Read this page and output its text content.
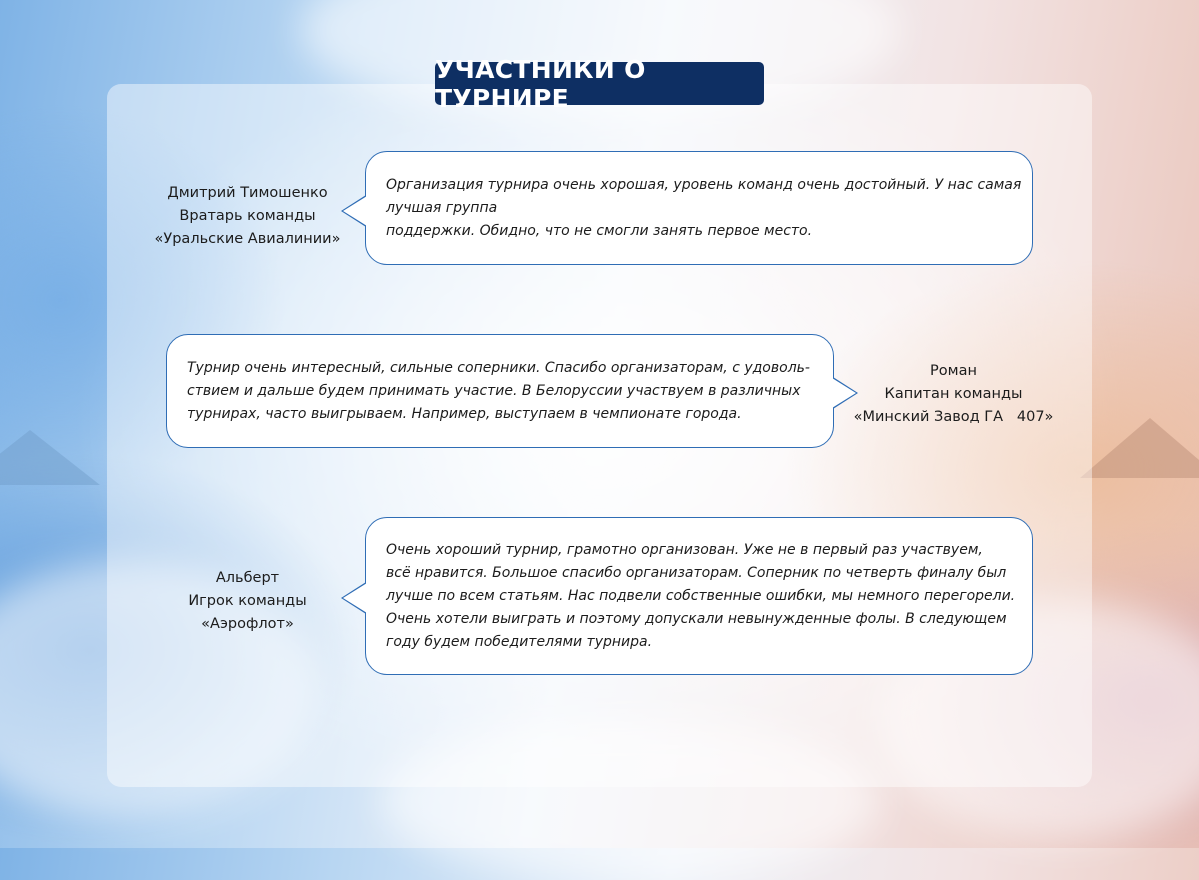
УЧАСТНИКИ О ТУРНИРЕ
Дмитрий Тимошенко
Вратарь команды
«Уральские Авиалинии»
Организация турнира очень хорошая, уровень команд очень достойный. У нас самая
лучшая группа
поддержки. Обидно, что не смогли занять первое место.
Турнир очень интересный, сильные соперники. Спасибо организаторам, с удоволь-
ствием и дальше будем принимать участие. В Белоруссии участвуем в различных
турнирах, часто выигрываем. Например, выступаем в чемпионате города.
Роман
Капитан команды
«Минский Завод ГА   407»
Альберт
Игрок команды
«Аэрофлот»
Очень хороший турнир, грамотно организован. Уже не в первый раз участвуем,
всё нравится. Большое спасибо организаторам. Соперник по четверть финалу был
лучше по всем статьям. Нас подвели собственные ошибки, мы немного перегорели.
Очень хотели выиграть и поэтому допускали невынужденные фолы. В следующем
году будем победителями турнира.
